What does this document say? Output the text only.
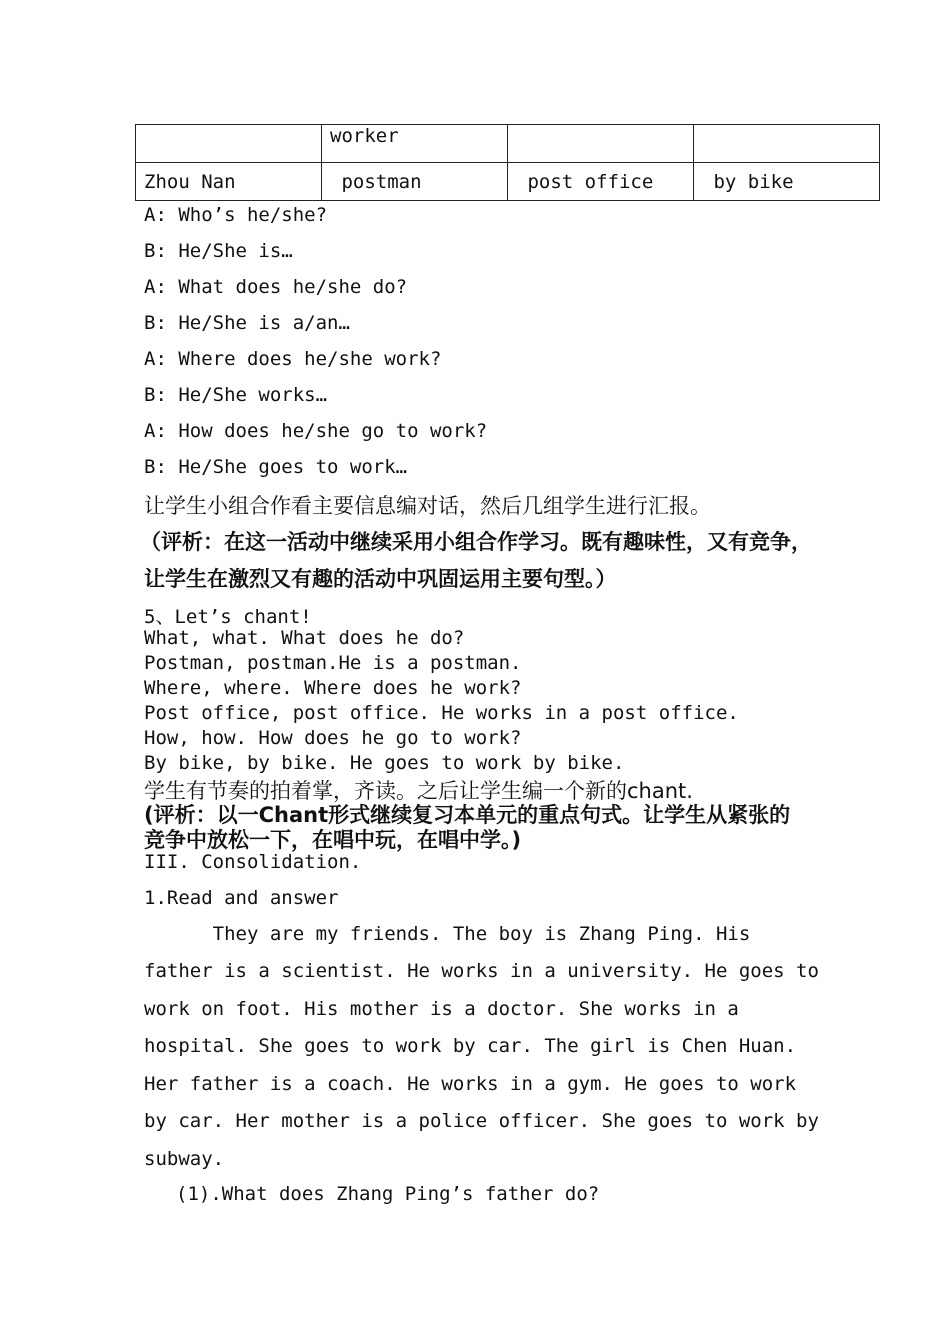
	worker		
Zhou Nan	postman	post office	by bike
A: Who’s he/she?
B: He/She is…
A: What does he/she do?
B: He/She is a/an…
A: Where does he/she work?
B: He/She works…
A: How does he/she go to work?
B: He/She goes to work…
让学生小组合作看主要信息编对话，然后几组学生进行汇报。
（评析：在这一活动中继续采用小组合作学习。既有趣味性，又有竞争，
让学生在激烈又有趣的活动中巩固运用主要句型。）
5、Let’s chant!
What, what. What does he do?
Postman, postman.He is a postman.
Where, where. Where does he work?
Post office, post office. He works in a post office.
How, how. How does he go to work?
By bike, by bike. He goes to work by bike.
学生有节奏的拍着掌，齐读。之后让学生编一个新的chant.
(评析：以一Chant形式继续复习本单元的重点句式。让学生从紧张的
竞争中放松一下，在唱中玩，在唱中学。)
III. Consolidation.
1.Read and answer
They are my friends. The boy is Zhang Ping. His
father is a scientist. He works in a university. He goes to
work on foot. His mother is a doctor. She works in a
hospital. She goes to work by car. The girl is Chen Huan.
Her father is a coach. He works in a gym. He goes to work
by car. Her mother is a police officer. She goes to work by
subway.
(1).What does Zhang Ping’s father do?
